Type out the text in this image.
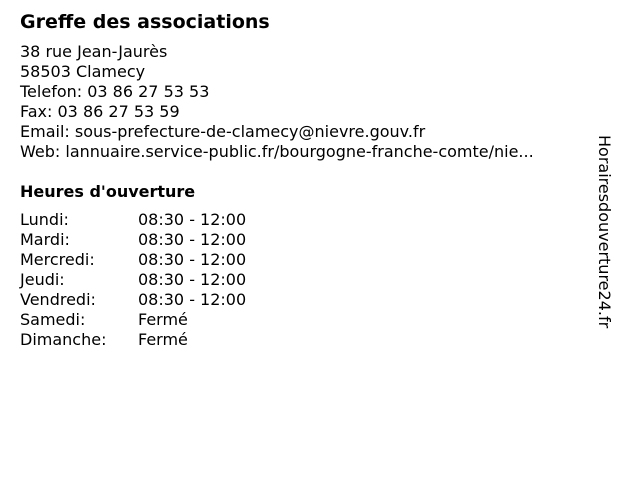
Greffe des associations
38 rue Jean-Jaurès
58503 Clamecy
Telefon: 03 86 27 53 53
Fax: 03 86 27 53 59
Email: sous-prefecture-de-clamecy@nievre.gouv.fr
Web: lannuaire.service-public.fr/bourgogne-franche-comte/nie...
Heures d'ouverture
Lundi:	08:30 - 12:00
Mardi:	08:30 - 12:00
Mercredi:	08:30 - 12:00
Jeudi:	08:30 - 12:00
Vendredi:	08:30 - 12:00
Samedi:	Fermé
Dimanche:	Fermé
Horairesdouverture24.fr
